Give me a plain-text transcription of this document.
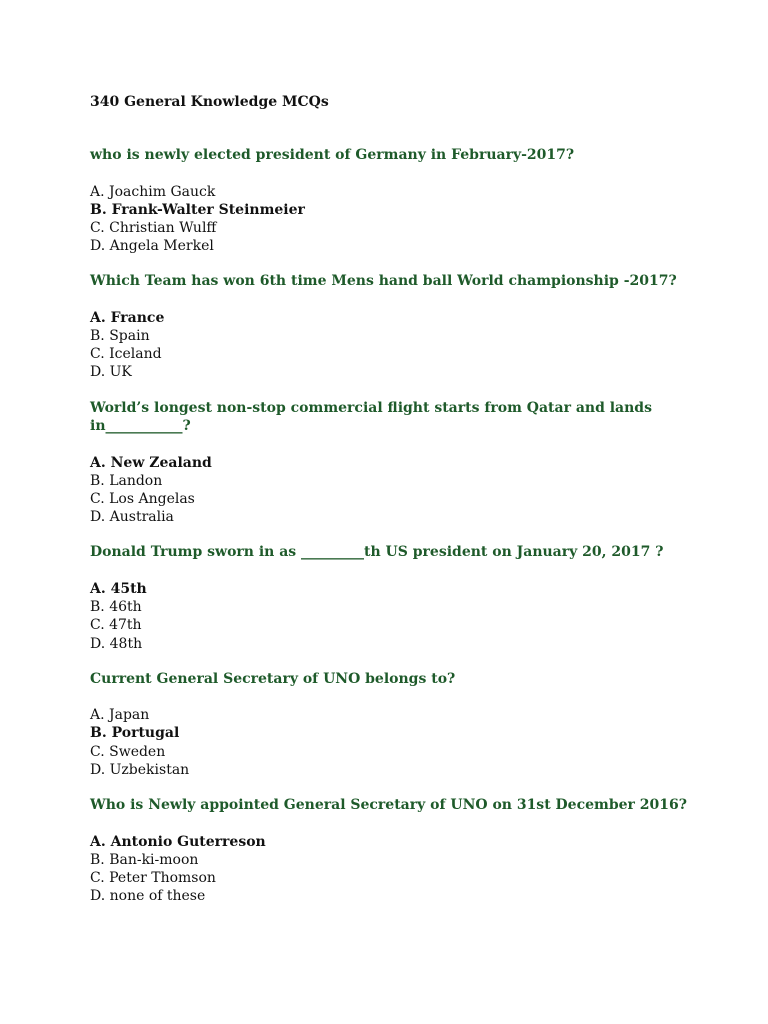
340 General Knowledge MCQs
who is newly elected president of Germany in February-2017?
A. Joachim Gauck
B. Frank-Walter Steinmeier
C. Christian Wulff
D. Angela Merkel
Which Team has won 6th time Mens hand ball World championship -2017?
A. France
B. Spain
C. Iceland
D. UK
World’s longest non-stop commercial flight starts from Qatar and lands in___________?
A. New Zealand
B. Landon
C. Los Angelas
D. Australia
Donald Trump sworn in as _________th US president on January 20, 2017 ?
A. 45th
B. 46th
C. 47th
D. 48th
Current General Secretary of UNO belongs to?
A. Japan
B. Portugal
C. Sweden
D. Uzbekistan
Who is Newly appointed General Secretary of UNO on 31st December 2016?
A. Antonio Guterreson
B. Ban-ki-moon
C. Peter Thomson
D. none of these
